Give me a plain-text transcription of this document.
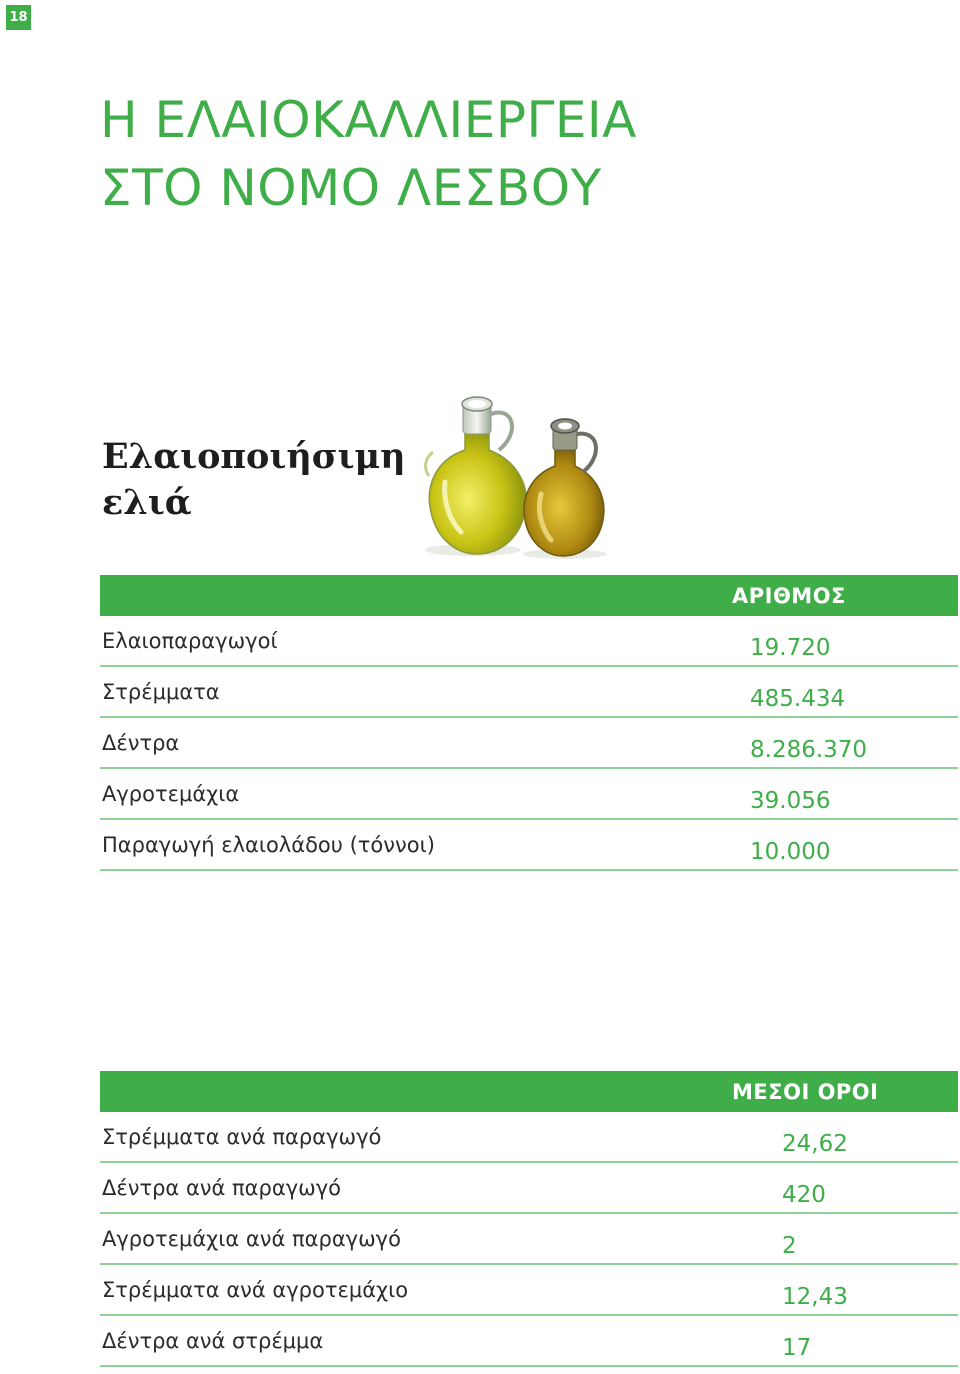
18
Η ΕΛΑΙΟΚΑΛΛΙΕΡΓΕΙΑ
ΣΤΟ ΝΟΜΟ ΛΕΣΒΟΥ
Ελαιοποιήσιμη
ελιά
ΑΡΙΘΜΟΣ
Ελαιοπαραγωγοί	19.720
Στρέμματα	485.434
Δέντρα	8.286.370
Αγροτεμάχια	39.056
Παραγωγή ελαιολάδου (τόννοι)	10.000
ΜΕΣΟΙ ΟΡΟΙ
Στρέμματα ανά παραγωγό	24,62
Δέντρα ανά παραγωγό	420
Αγροτεμάχια ανά παραγωγό	2
Στρέμματα ανά αγροτεμάχιο	12,43
Δέντρα ανά στρέμμα	17
